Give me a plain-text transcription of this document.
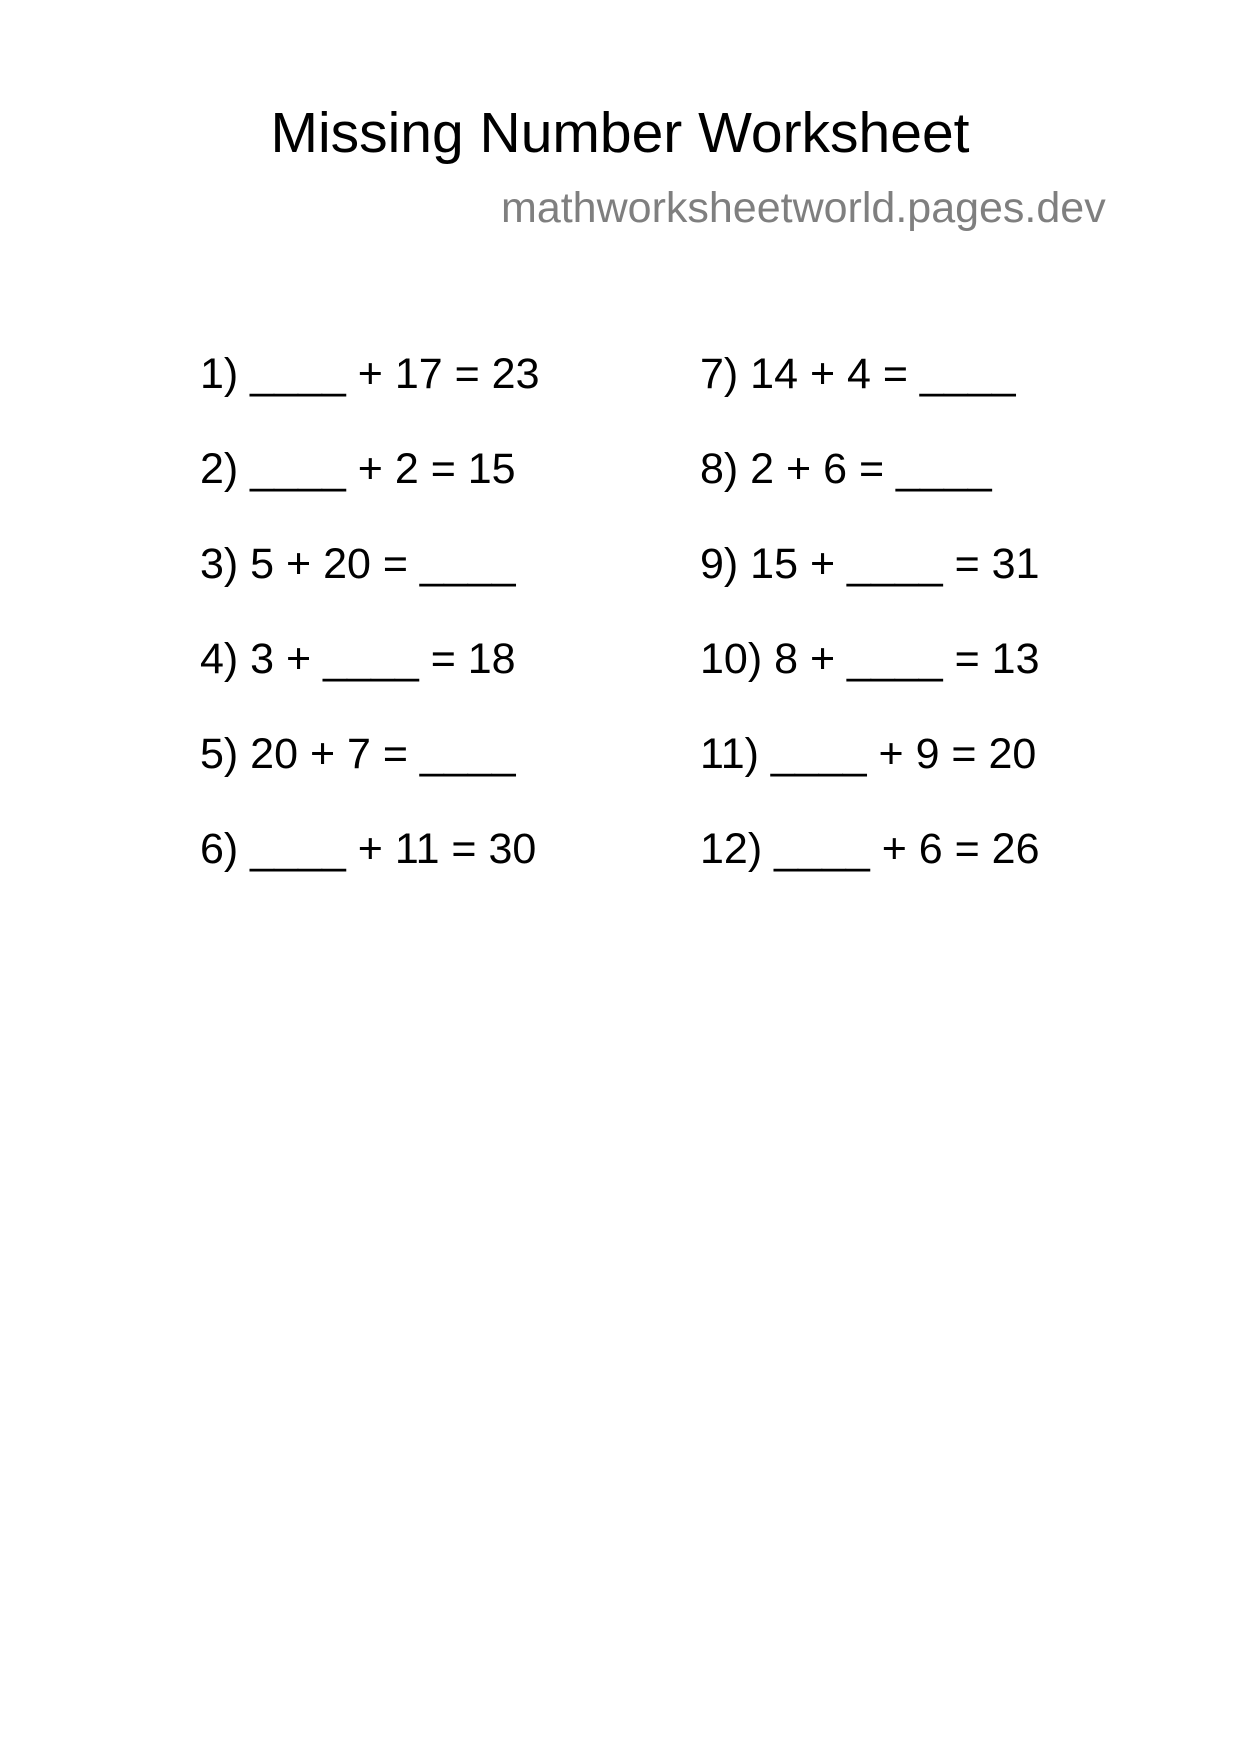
Missing Number Worksheet
mathworksheetworld.pages.dev
1) ____ + 17 = 23
2) ____ + 2 = 15
3) 5 + 20 = ____
4) 3 + ____ = 18
5) 20 + 7 = ____
6) ____ + 11 = 30
7) 14 + 4 = ____
8) 2 + 6 = ____
9) 15 + ____ = 31
10) 8 + ____ = 13
11) ____ + 9 = 20
12) ____ + 6 = 26
